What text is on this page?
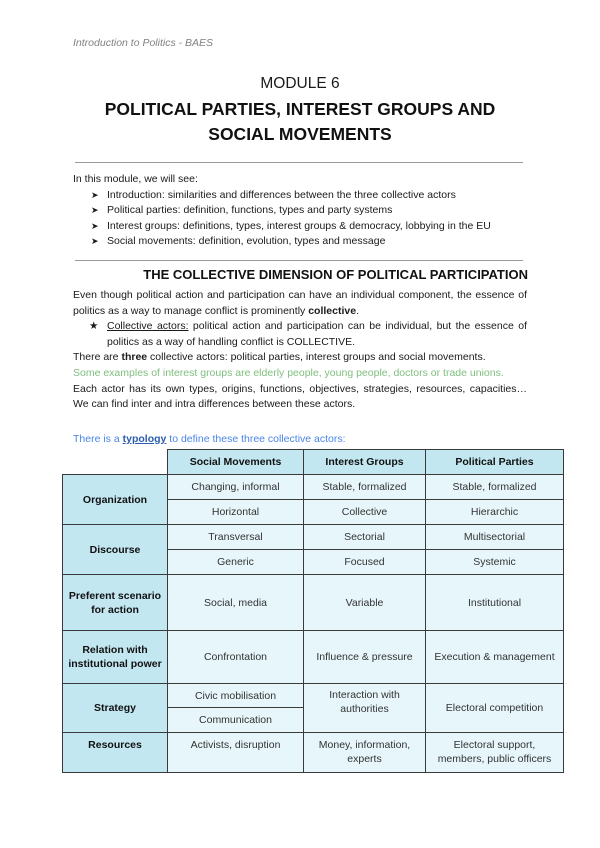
Introduction to Politics - BAES
MODULE 6
POLITICAL PARTIES, INTEREST GROUPS AND
SOCIAL MOVEMENTS
In this module, we will see:
➤ Introduction: similarities and differences between the three collective actors
➤ Political parties: definition, functions, types and party systems
➤ Interest groups: definitions, types, interest groups & democracy, lobbying in the EU
➤ Social movements: definition, evolution, types and message
THE COLLECTIVE DIMENSION OF POLITICAL PARTICIPATION

Even though political action and participation can have an individual component, the essence of politics as a way to manage conflict is prominently collective.

★ Collective actors: political action and participation can be individual, but the essence of politics as a way of handling conflict is COLLECTIVE.

There are three collective actors: political parties, interest groups and social movements.

Some examples of interest groups are elderly people, young people, doctors or trade unions.

Each actor has its own types, origins, functions, objectives, strategies, resources, capacities… We can find inter and intra differences between these actors.

There is a typology to define these three collective actors:
	Social Movements	Interest Groups	Political Parties
Organization	Changing, informal	Stable, formalized	Stable, formalized
	Horizontal	Collective	Hierarchic
Discourse	Transversal	Sectorial	Multisectorial
	Generic	Focused	Systemic
Preferent scenario for action	Social, media	Variable	Institutional
Relation with institutional power	Confrontation	Influence & pressure	Execution & management
Strategy	Civic mobilisation	Interaction with authorities	Electoral competition
	Communication		
Resources	Activists, disruption	Money, information, experts	Electoral support, members, public officers
